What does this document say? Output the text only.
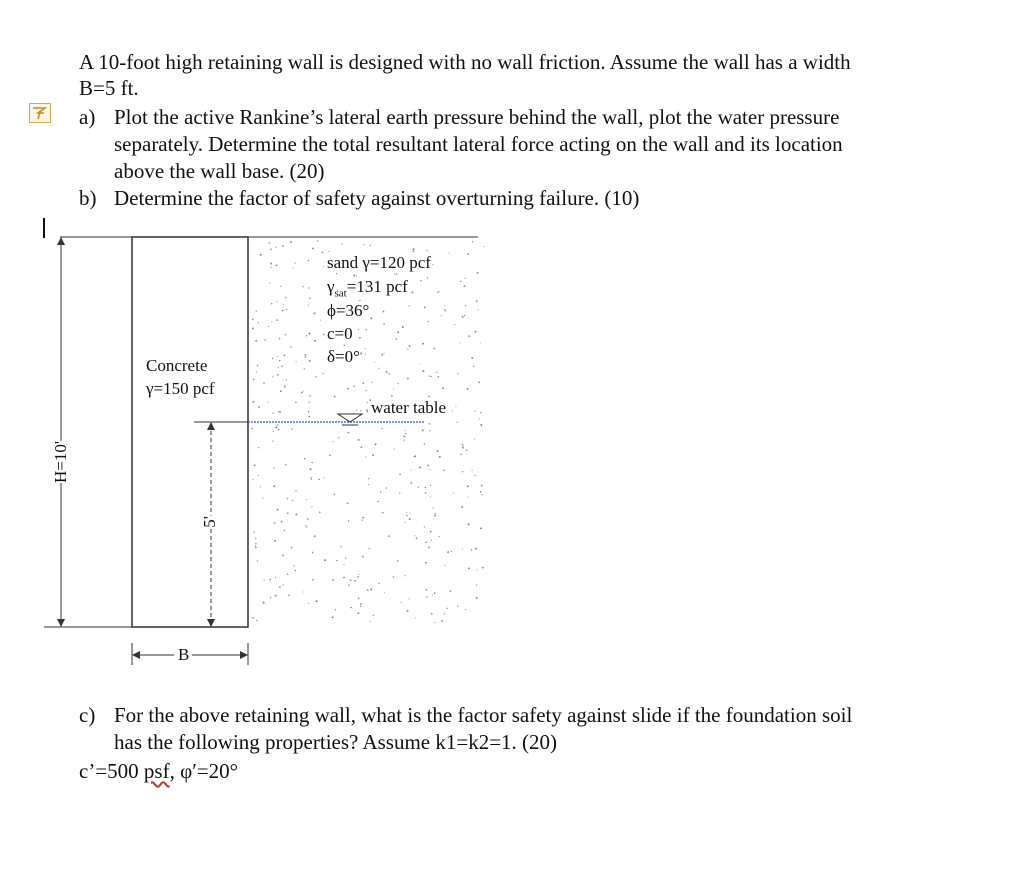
A 10-foot high retaining wall is designed with no wall friction. Assume the wall has a width
B=5 ft.
a) Plot the active Rankine’s lateral earth pressure behind the wall, plot the water pressure
separately. Determine the total resultant lateral force acting on the wall and its location
above the wall base. (20)
b) Determine the factor of safety against overturning failure. (10)
H=10'
5'
B
Concrete
γ=150 pcf
sand γ=120 pcf
$\gamma_{sat}=131$ pcf
ϕ=36°
c=0
δ=0°
water table
c) For the above retaining wall, what is the factor safety against slide if the foundation soil
has the following properties? Assume k1=k2=1. (20)
c’=500 psf, φ′=20°
